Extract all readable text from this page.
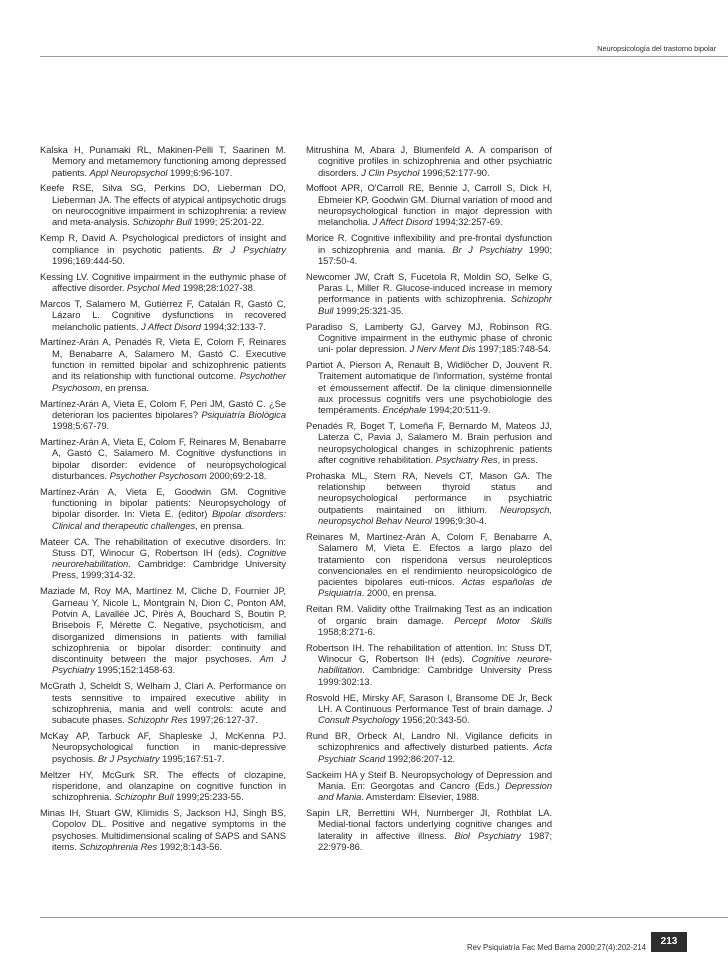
Neuropsicología del trastorno bipolar
Kalska H, Punamaki RL, Makinen-Pelli T, Saarinen M. Memory and metamemory functioning among depressed patients. Appl Neuropsychol 1999;6:96-107.
Keefe RSE, Silva SG, Perkins DO, Lieberman DO, Lieberman JA. The effects of atypical antipsychotic drugs on neurocognitive impairment in schizophrenia: a review and meta-analysis. Schizophr Bull 1999; 25:201-22.
Kemp R, David A. Psychological predictors of insight and compliance in psychotic patients. Br J Psychiatry 1996;169:444-50.
Kessing LV. Cognitive impairment in the euthymic phase of affective disorder. Psychol Med 1998;28:1027-38.
Marcos T, Salamero M, Gutiérrez F, Catalán R, Gastó C, Lázaro L. Cognitive dysfunctions in recovered melancholic patients. J Affect Disord 1994;32:133-7.
Martínez-Arán A, Penadés R, Vieta E, Colom F, Reinares M, Benabarre A, Salamero M, Gastó C. Executive function in remitted bipolar and schizophrenic patients and its relationship with functional outcome. Psychother Psychosom, en prensa.
Martínez-Arán A, Vieta E, Colom F, Peri JM, Gastó C. ¿Se deterioran los pacientes bipolares? Psiquiatría Biológica 1998;5:67-79.
Martínez-Arán A, Vieta E, Colom F, Reinares M, Benabarre A, Gastó C, Salamero M. Cognitive dysfunctions in bipolar disorder: evidence of neuropsychological disturbances. Psychother Psychosom 2000;69:2-18.
Martínez-Arán A, Vieta E, Goodwin GM. Cognitive functioning in bipolar patients: Neuropsychology of bipolar disorder. In: Vieta E. (editor) Bipolar disorders: Clinical and therapeutic challenges, en prensa.
Mateer CA. The rehabilitation of executive disorders. In: Stuss DT, Winocur G, Robertson IH (eds). Cognitive neurorehabilitation. Cambridge: Cambridge University Press, 1999;314-32.
Maziade M, Roy MA, Martínez M, Cliche D, Fournier JP, Garneau Y, Nicole L, Montgrain N, Dion C, Ponton AM, Potvin A, Lavallée JC, Pirès A, Bouchard S, Boutin P, Brisebois F, Mérette C. Negative, psychoticism, and disorganized dimensions in patients with familial schizophrenia or bipolar disorder: continuity and discontinuity between the major psychoses. Am J Psychiatry 1995;152:1458-63.
McGrath J, Scheldt S, Welham J, Clari A. Performance on tests sennsitive to impaired executive ability in schizophrenia, mania and well controls: acute and subacute phases. Schizophr Res 1997;26:127-37.
McKay AP, Tarbuck AF, Shapleske J, McKenna PJ. Neuropsychological function in manic-depressive psychosis. Br J Psychiatry 1995;167:51-7.
Meltzer HY, McGurk SR. The effects of clozapine, risperidone, and olanzapine on cognitive function in schizophrenia. Schizophr Bull 1999;25:233-55.
Minas IH, Stuart GW, Klimidis S, Jackson HJ, Singh BS, Copolov DL. Positive and negative symptoms in the psychoses. Multidimensional scaling of SAPS and SANS items. Schizophrenia Res 1992;8:143-56.
Mitrushina M, Abara J, Blumenfeld A. A comparison of cognitive profiles in schizophrenia and other psychiatric disorders. J Clin Psychol 1996;52:177-90.
Moffoot APR, O'Carroll RE, Bennie J, Carroll S, Dick H, Ebmeier KP, Goodwin GM. Diurnal variation of mood and neuropsychological function in major depression with melancholia. J Affect Disord 1994;32:257-69.
Morice R. Cognitive inflexibility and pre-frontal dysfunction in schizophrenia and mania. Br J Psychiatry 1990; 157:50-4.
Newcomer JW, Craft S, Fucetola R, Moldin SO, Selke G, Paras L, Miller R. Glucose-induced increase in memory performance in patients with schizophrenia. Schizophr Bull 1999;25:321-35.
Paradiso S, Lamberty GJ, Garvey MJ, Robinson RG. Cognitive impairment in the euthymic phase of chronic uni- polar depression. J Nerv Ment Dis 1997;185:748-54.
Partiot A, Pierson A, Renault B, Widlöcher D, Jouvent R. Traitement automatique de l'information, systéme frontal et émoussement affectif. De la clinique dimensionnelle aux processus cognitifs vers une psychobiologie des tempéraments. Encéphale 1994;20:511-9.
Penadés R, Boget T, Lomeña F, Bernardo M, Mateos JJ, Laterza C, Pavia J, Salamero M. Brain perfusion and neuropsychological changes in schizophrenic patients after cognitive rehabilitation. Psychiatry Res, in press.
Prohaska ML, Stern RA, Nevels CT, Mason GA. The relationship between thyroid status and neuropsychological performance in psychiatric outpatients maintained on lithium. Neuropsych, neuropsychol Behav Neurol 1996;9:30-4.
Reinares M, Martínez-Arán A, Colom F, Benabarre A, Salamero M, Vieta E. Efectos a largo plazo del tratamiento con risperidona versus neurolépticos convencionales en el rendimiento neuropsicológico de pacientes bipolares euti-micos. Actas españolas de Psiquiatría. 2000, en prensa.
Reitan RM. Validity ofthe Trailmaking Test as an indication of organic brain damage. Percept Motor Skills 1958;8:271-6.
Robertson IH. The rehabilitation of attention. In: Stuss DT, Winocur G, Robertson IH (eds). Cognitive neurore-habilitation. Cambridge: Cambridge University Press 1999:302:13.
Rosvold HE, Mirsky AF, Sarason I, Bransome DE Jr, Beck LH. A Continuous Performance Test of brain damage. J Consult Psychology 1956;20:343-50.
Rund BR, Orbeck AI, Landro NI. Vigilance deficits in schizophrenics and affectively disturbed patients. Acta Psychiatr Scand 1992;86:207-12.
Sackeim HA y Steif B. Neuropsychology of Depression and Mania. En: Georgotas and Cancro (Eds.) Depression and Mania. Amsterdam: Elsevier, 1988.
Sapin LR, Berrettini WH, Nurnberger JI, Rothblat LA. Medial-tional factors underlying cognitive changes and laterality in affective illness. Biol Psychiatry 1987; 22:979-86.
Rev Psiquiatría Fac Med Barna 2000;27(4):202-214
213
